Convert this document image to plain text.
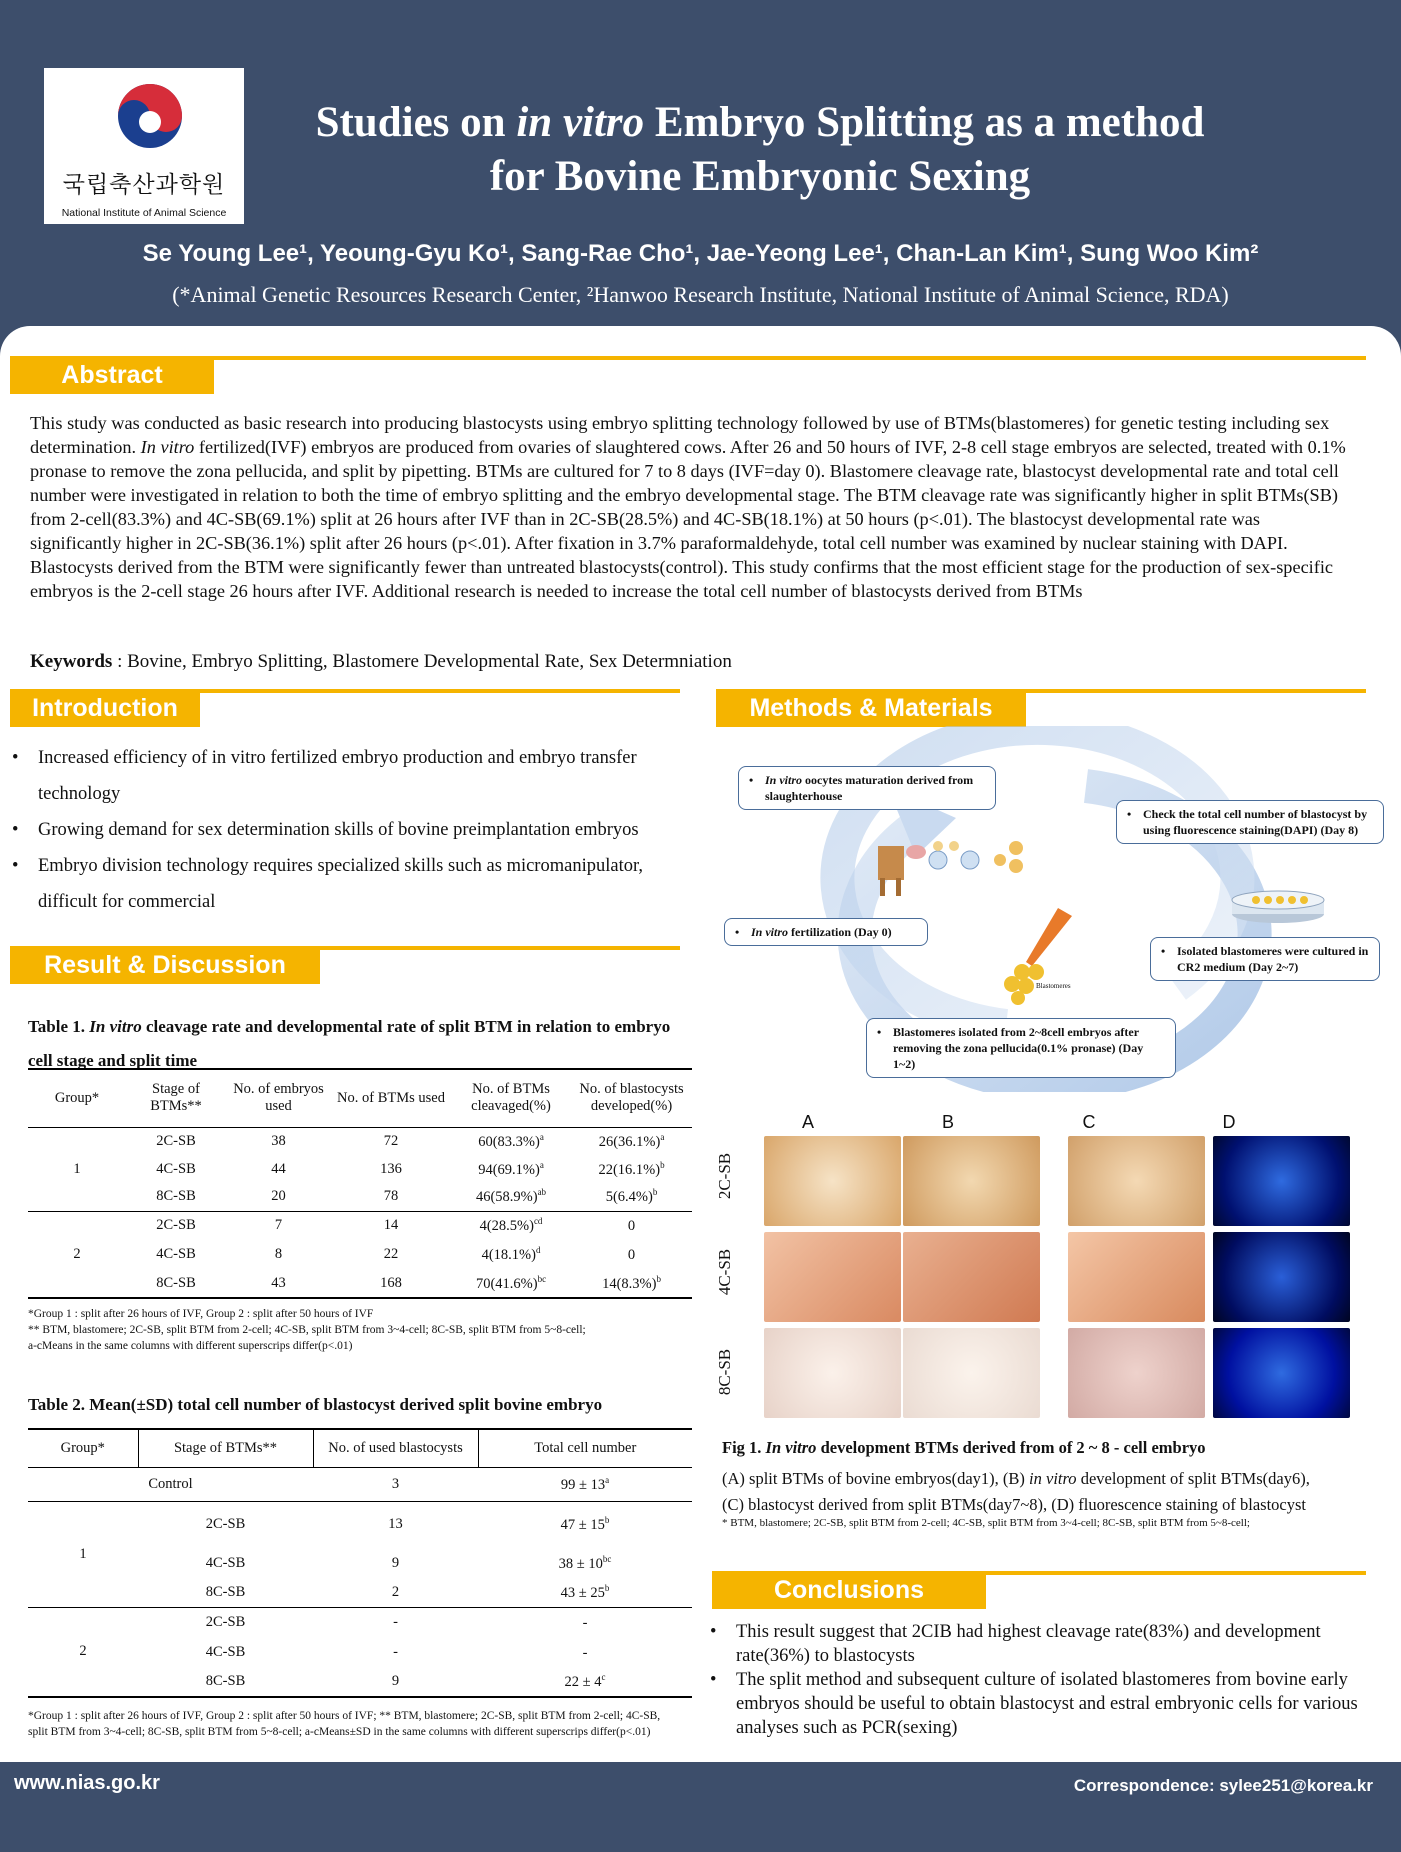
국립축산과학원
National Institute of Animal Science
Studies on in vitro Embryo Splitting as a method
for Bovine Embryonic Sexing
Se Young Lee¹, Yeoung-Gyu Ko¹, Sang-Rae Cho¹, Jae-Yeong Lee¹, Chan-Lan Kim¹, Sung Woo Kim²
(*Animal Genetic Resources Research Center, ²Hanwoo Research Institute, National Institute of Animal Science, RDA)
Abstract
This study was conducted as basic research into producing blastocysts using embryo splitting technology followed by use of BTMs(blastomeres) for genetic testing including sex determination. In vitro fertilized(IVF) embryos are produced from ovaries of slaughtered cows. After 26 and 50 hours of IVF, 2-8 cell stage embryos are selected, treated with 0.1% pronase to remove the zona pellucida, and split by pipetting. BTMs are cultured for 7 to 8 days (IVF=day 0). Blastomere cleavage rate, blastocyst developmental rate and total cell number were investigated in relation to both the time of embryo splitting and the embryo developmental stage. The BTM cleavage rate was significantly higher in split BTMs(SB) from 2-cell(83.3%) and 4C-SB(69.1%) split at 26 hours after IVF than in 2C-SB(28.5%) and 4C-SB(18.1%) at 50 hours (p<.01). The blastocyst developmental rate was significantly higher in 2C-SB(36.1%) split after 26 hours (p<.01). After fixation in 3.7% paraformaldehyde, total cell number was examined by nuclear staining with DAPI. Blastocysts derived from the BTM were significantly fewer than untreated blastocysts(control). This study confirms that the most efficient stage for the production of sex-specific embryos is the 2-cell stage 26 hours after IVF. Additional research is needed to increase the total cell number of blastocysts derived from BTMs
Keywords : Bovine, Embryo Splitting, Blastomere Developmental Rate, Sex Determniation
Introduction
• Increased efficiency of in vitro fertilized embryo production and embryo transfer technology
• Growing demand for sex determination skills of bovine preimplantation embryos
• Embryo division technology requires specialized skills such as micromanipulator, difficult for commercial
Result & Discussion
Table 1. In vitro cleavage rate and developmental rate of split BTM in relation to embryo
cell stage and split time
Group*	Stage of BTMs**	No. of embryos used	No. of BTMs used	No. of BTMs cleavaged(%)	No. of blastocysts developed(%)
1	2C-SB	38	72	$60(83.3\%)^a$	$26(36.1\%)^a$
	4C-SB	44	136	$94(69.1\%)^a$	$22(16.1\%)^b$
	8C-SB	20	78	$46(58.9\%)^{ab}$	$5(6.4\%)^b$
2	2C-SB	7	14	$4(28.5\%)^{cd}$	0
	4C-SB	8	22	$4(18.1\%)^d$	0
	8C-SB	43	168	$70(41.6\%)^{bc}$	$14(8.3\%)^b$
*Group 1 : split after 26 hours of IVF, Group 2 : split after 50 hours of IVF
** BTM, blastomere; 2C-SB, split BTM from 2-cell; 4C-SB, split BTM from 3~4-cell; 8C-SB, split BTM from 5~8-cell;
a-cMeans in the same columns with different superscrips differ(p<.01)
Table 2. Mean(±SD) total cell number of blastocyst derived split bovine embryo
Group*	Stage of BTMs**	No. of used blastocysts	Total cell number
Control		3	$99 \pm 13^a$
1	2C-SB	13	$47 \pm 15^b$
	4C-SB	9	$38 \pm 10^{bc}$
	8C-SB	2	$43 \pm 25^b$
2	2C-SB	-	-
	4C-SB	-	-
	8C-SB	9	$22 \pm 4^c$
*Group 1 : split after 26 hours of IVF, Group 2 : split after 50 hours of IVF; ** BTM, blastomere; 2C-SB, split BTM from 2-cell; 4C-SB,
split BTM from 3~4-cell; 8C-SB, split BTM from 5~8-cell; a-cMeans±SD in the same columns with different superscrips differ(p<.01)
Methods & Materials
Blastomeres
• In vitro oocytes maturation derived from slaughterhouse
• In vitro fertilization (Day 0)
• Blastomeres isolated from 2~8cell embryos after removing the zona pellucida(0.1% pronase) (Day 1~2)
• Isolated blastomeres were cultured in CR2 medium (Day 2~7)
• Check the total cell number of blastocyst by using fluorescence staining(DAPI) (Day 8)
A	B	C	D
2C-SB
4C-SB
8C-SB
Fig 1. In vitro development BTMs derived from of 2 ~ 8 - cell embryo
(A) split BTMs of bovine embryos(day1), (B) in vitro development of split BTMs(day6),
(C) blastocyst derived from split BTMs(day7~8), (D) fluorescence staining of blastocyst
* BTM, blastomere; 2C-SB, split BTM from 2-cell; 4C-SB, split BTM from 3~4-cell; 8C-SB, split BTM from 5~8-cell;
Conclusions
• This result suggest that 2CIB had highest cleavage rate(83%) and development rate(36%) to blastocysts
• The split method and subsequent culture of isolated blastomeres from bovine early embryos should be useful to obtain blastocyst and estral embryonic cells for various analyses such as PCR(sexing)
www.nias.go.kr	Correspondence: sylee251@korea.kr
